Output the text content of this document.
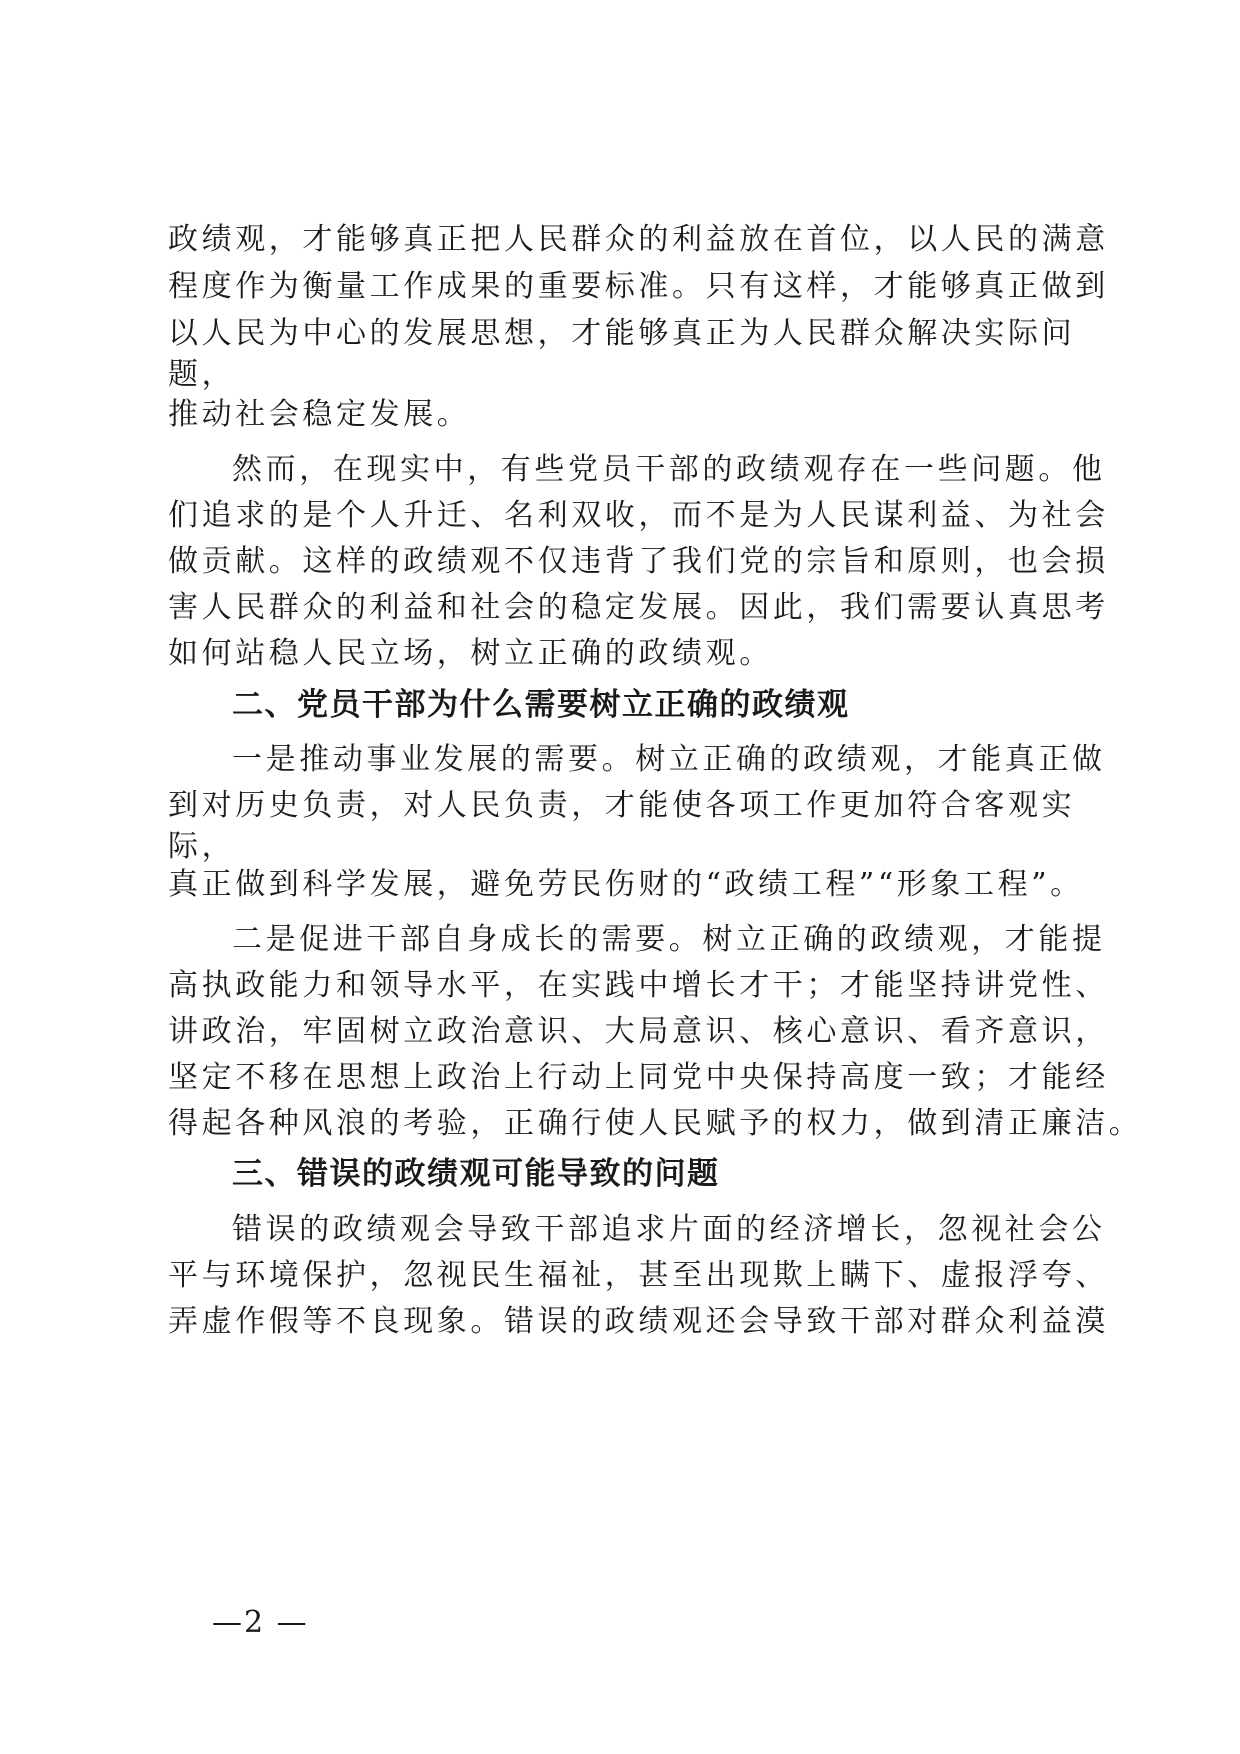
政绩观，才能够真正把人民群众的利益放在首位，以人民的满意
程度作为衡量工作成果的重要标准。只有这样，才能够真正做到
以人民为中心的发展思想，才能够真正为人民群众解决实际问
题，
推动社会稳定发展。
然而，在现实中，有些党员干部的政绩观存在一些问题。他
们追求的是个人升迁、名利双收，而不是为人民谋利益、为社会
做贡献。这样的政绩观不仅违背了我们党的宗旨和原则，也会损
害人民群众的利益和社会的稳定发展。因此，我们需要认真思考
如何站稳人民立场，树立正确的政绩观。
二、党员干部为什么需要树立正确的政绩观
一是推动事业发展的需要。树立正确的政绩观，才能真正做
到对历史负责，对人民负责，才能使各项工作更加符合客观实
际，
真正做到科学发展，避免劳民伤财的“政绩工程”“形象工程”。
二是促进干部自身成长的需要。树立正确的政绩观，才能提
高执政能力和领导水平，在实践中增长才干；才能坚持讲党性、
讲政治，牢固树立政治意识、大局意识、核心意识、看齐意识，
坚定不移在思想上政治上行动上同党中央保持高度一致；才能经
得起各种风浪的考验，正确行使人民赋予的权力，做到清正廉洁。
三、错误的政绩观可能导致的问题
错误的政绩观会导致干部追求片面的经济增长，忽视社会公
平与环境保护，忽视民生福祉，甚至出现欺上瞒下、虚报浮夸、
弄虚作假等不良现象。错误的政绩观还会导致干部对群众利益漠
—2 —
